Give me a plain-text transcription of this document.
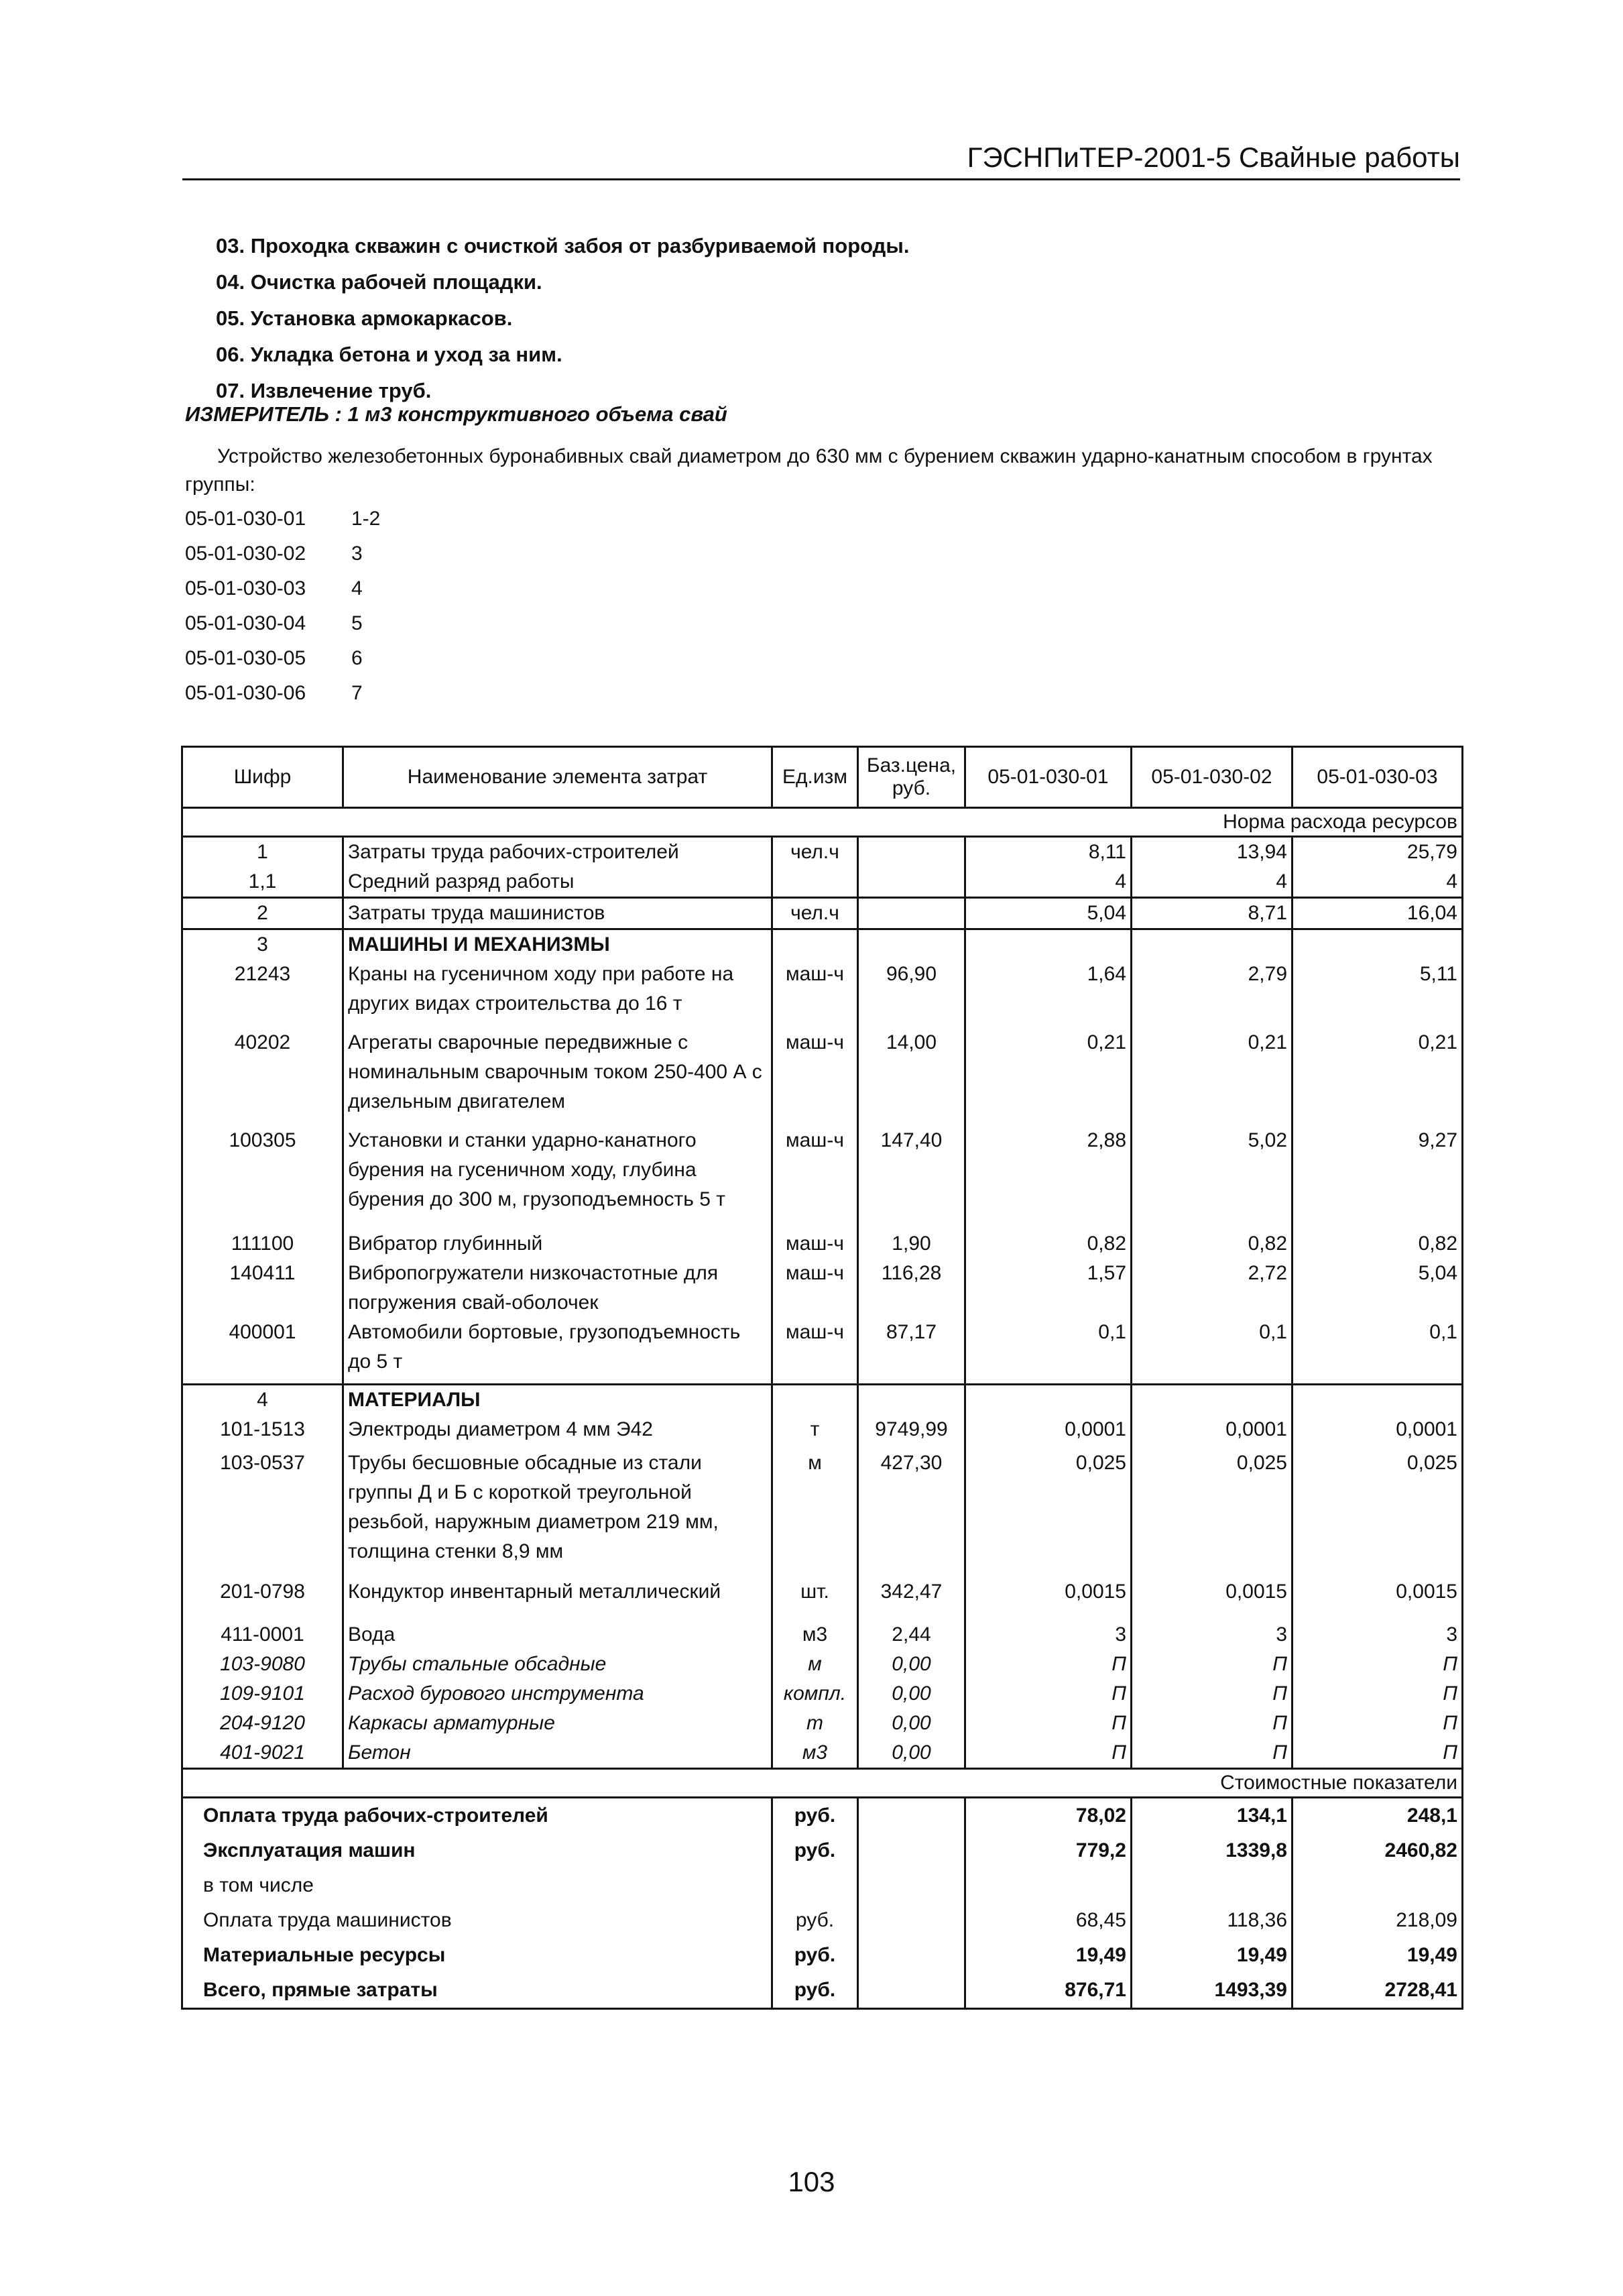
ГЭСНПиТЕР-2001-5 Свайные работы
03. Проходка скважин с очисткой забоя от разбуриваемой породы.
04. Очистка рабочей площадки.
05. Установка армокаркасов.
06. Укладка бетона и уход за ним.
07. Извлечение труб.
ИЗМЕРИТЕЛЬ : 1 м3 конструктивного объема свай
Устройство железобетонных буронабивных свай диаметром до 630 мм с бурением скважин ударно-канатным способом в грунтах группы:
05-01-030-01	1-2
05-01-030-02	3
05-01-030-03	4
05-01-030-04	5
05-01-030-05	6
05-01-030-06	7
Шифр	Наименование элемента затрат	Ед.изм	Баз.цена, руб.	05-01-030-01	05-01-030-02	05-01-030-03
Норма расхода ресурсов						
1	Затраты труда рабочих-строителей	чел.ч		8,11	13,94	25,79
1,1	Средний разряд работы			4	4	4
2	Затраты труда машинистов	чел.ч		5,04	8,71	16,04
3	МАШИНЫ И МЕХАНИЗМЫ					
21243	Краны на гусеничном ходу при работе на других видах строительства до 16 т	маш-ч	96,90	1,64	2,79	5,11
40202	Агрегаты сварочные передвижные с номинальным сварочным током 250-400 А с дизельным двигателем	маш-ч	14,00	0,21	0,21	0,21
100305	Установки и станки ударно-канатного бурения на гусеничном ходу, глубина бурения до 300 м, грузоподъемность 5 т	маш-ч	147,40	2,88	5,02	9,27
111100	Вибратор глубинный	маш-ч	1,90	0,82	0,82	0,82
140411	Вибропогружатели низкочастотные для погружения свай-оболочек	маш-ч	116,28	1,57	2,72	5,04
400001	Автомобили бортовые, грузоподъемность до 5 т	маш-ч	87,17	0,1	0,1	0,1
4	МАТЕРИАЛЫ					
101-1513	Электроды диаметром 4 мм Э42	т	9749,99	0,0001	0,0001	0,0001
103-0537	Трубы бесшовные обсадные из стали группы Д и Б с короткой треугольной резьбой, наружным диаметром 219 мм, толщина стенки 8,9 мм	м	427,30	0,025	0,025	0,025
201-0798	Кондуктор инвентарный металлический	шт.	342,47	0,0015	0,0015	0,0015
411-0001	Вода	м3	2,44	3	3	3
103-9080	Трубы стальные обсадные	м	0,00	П	П	П
109-9101	Расход бурового инструмента	компл.	0,00	П	П	П
204-9120	Каркасы арматурные	т	0,00	П	П	П
401-9021	Бетон	м3	0,00	П	П	П
Стоимостные показатели						
Оплата труда рабочих-строителей		руб.		78,02	134,1	248,1
Эксплуатация машин		руб.		779,2	1339,8	2460,82
в том числе						
Оплата труда машинистов		руб.		68,45	118,36	218,09
Материальные ресурсы		руб.		19,49	19,49	19,49
Всего, прямые затраты		руб.		876,71	1493,39	2728,41
103
